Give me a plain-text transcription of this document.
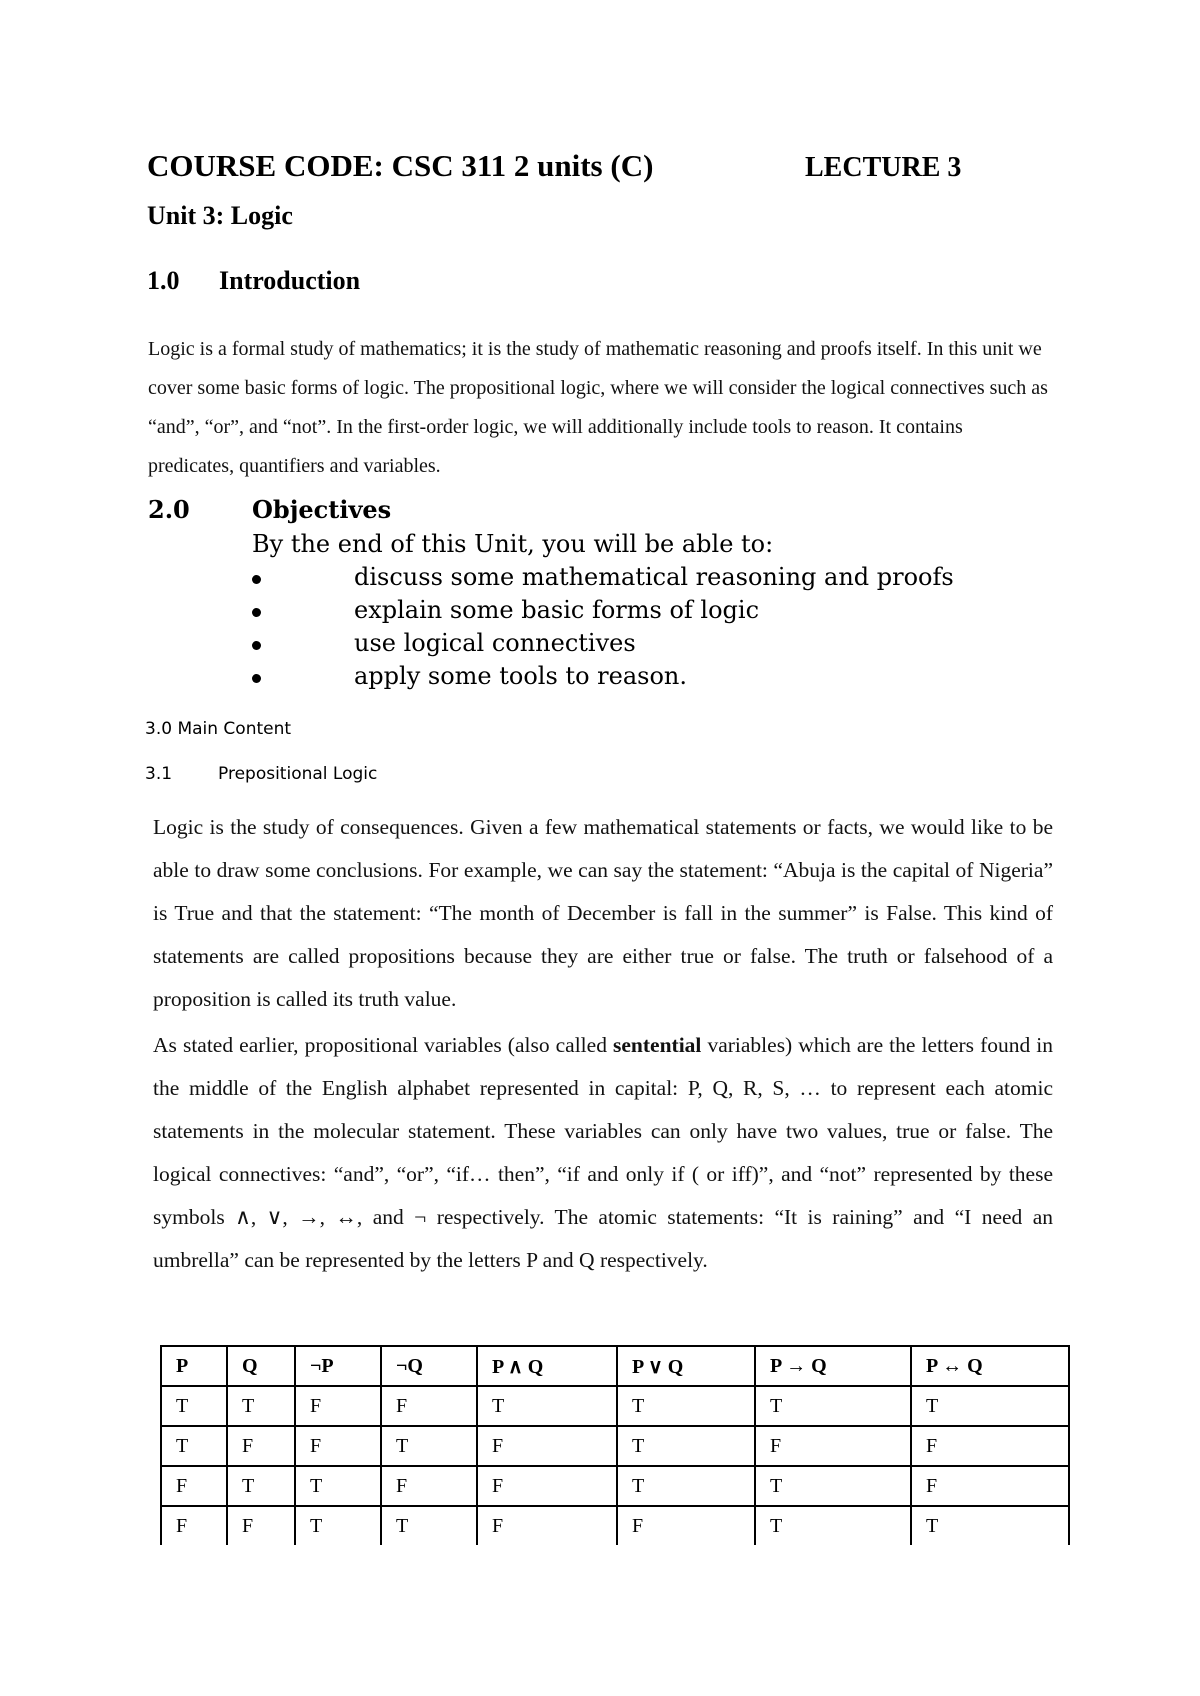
COURSE CODE: CSC 311 2 units (C)	LECTURE 3
Unit 3: Logic
1.0 Introduction
Logic is a formal study of mathematics; it is the study of mathematic reasoning and proofs itself. In this unit we cover some basic forms of logic. The propositional logic, where we will consider the logical connectives such as “and”, “or”, and “not”. In the first-order logic, we will additionally include tools to reason. It contains predicates, quantifiers and variables.
2.0	Objectives
By the end of this Unit, you will be able to:
discuss some mathematical reasoning and proofs
explain some basic forms of logic
use logical connectives
apply some tools to reason.
3.0 Main Content
3.1	Prepositional Logic
Logic is the study of consequences. Given a few mathematical statements or facts, we would like to be able to draw some conclusions. For example, we can say the statement: “Abuja is the capital of Nigeria” is True and that the statement: “The month of December is fall in the summer” is False. This kind of statements are called propositions because they are either true or false. The truth or falsehood of a proposition is called its truth value.
As stated earlier, propositional variables (also called sentential variables) which are the letters found in the middle of the English alphabet represented in capital: P, Q, R, S, … to represent each atomic statements in the molecular statement. These variables can only have two values, true or false. The logical connectives: “and”, “or”, “if… then”, “if and only if ( or iff)”, and “not” represented by these symbols ∧, ∨, →, ↔, and ¬ respectively. The atomic statements: “It is raining” and “I need an umbrella” can be represented by the letters P and Q respectively.
P	Q	¬P	¬Q	P ∧ Q	P ∨ Q	P → Q	P ↔ Q
T	T	F	F	T	T	T	T
T	F	F	T	F	T	F	F
F	T	T	F	F	T	T	F
F	F	T	T	F	F	T	T
